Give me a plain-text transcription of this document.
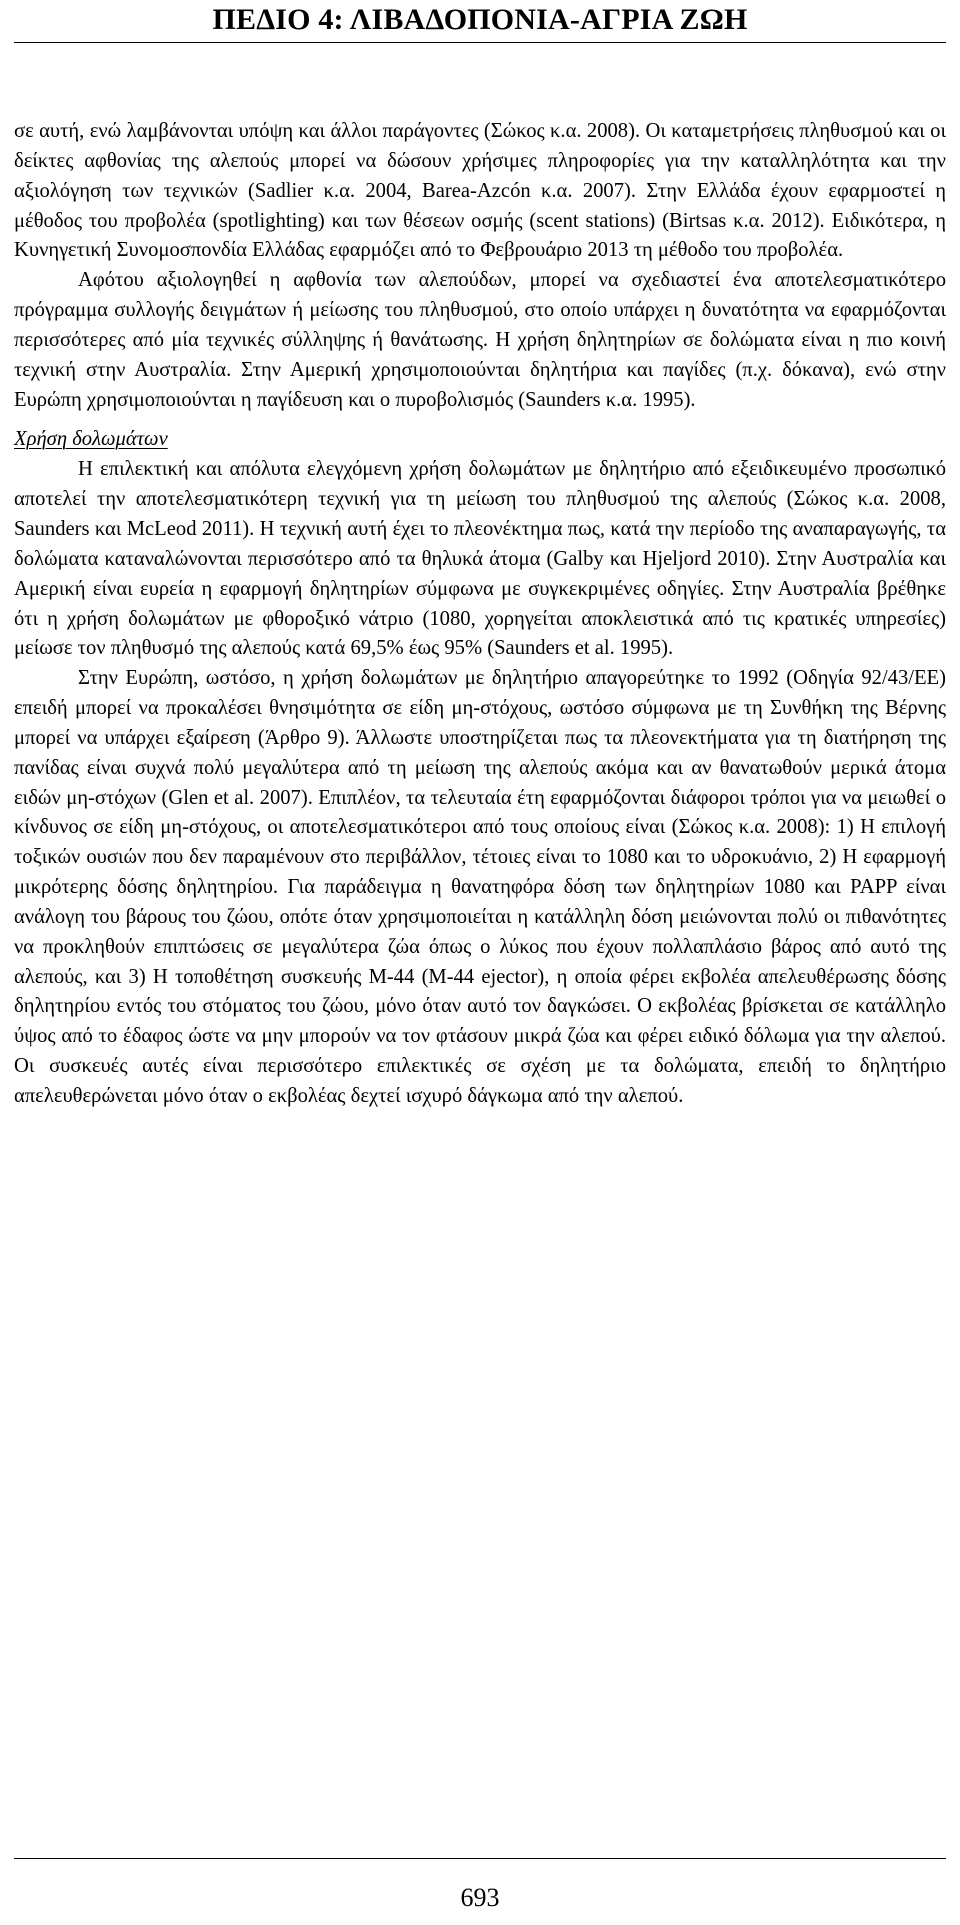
ΠΕΔΙΟ 4: ΛΙΒΑΔΟΠΟΝΙΑ-ΑΓΡΙΑ ΖΩΗ

σε αυτή, ενώ λαμβάνονται υπόψη και άλλοι παράγοντες (Σώκος κ.α. 2008). Οι καταμετρήσεις πληθυσμού και οι δείκτες αφθονίας της αλεπούς μπορεί να δώσουν χρήσιμες πληροφορίες για την καταλληλότητα και την αξιολόγηση των τεχνικών (Sadlier κ.α. 2004, Barea-Azcón κ.α. 2007). Στην Ελλάδα έχουν εφαρμοστεί η μέθοδος του προβολέα (spotlighting) και των θέσεων οσμής (scent stations) (Birtsas κ.α. 2012). Ειδικότερα, η Κυνηγετική Συνομοσπονδία Ελλάδας εφαρμόζει από το Φεβρουάριο 2013 τη μέθοδο του προβολέα.

Αφότου αξιολογηθεί η αφθονία των αλεπούδων, μπορεί να σχεδιαστεί ένα αποτελεσματικότερο πρόγραμμα συλλογής δειγμάτων ή μείωσης του πληθυσμού, στο οποίο υπάρχει η δυνατότητα να εφαρμόζονται περισσότερες από μία τεχνικές σύλληψης ή θανάτωσης. Η χρήση δηλητηρίων σε δολώματα είναι η πιο κοινή τεχνική στην Αυστραλία. Στην Αμερική χρησιμοποιούνται δηλητήρια και παγίδες (π.χ. δόκανα), ενώ στην Ευρώπη χρησιμοποιούνται η παγίδευση και ο πυροβολισμός (Saunders κ.α. 1995).

Χρήση δολωμάτων

Η επιλεκτική και απόλυτα ελεγχόμενη χρήση δολωμάτων με δηλητήριο από εξειδικευμένο προσωπικό αποτελεί την αποτελεσματικότερη τεχνική για τη μείωση του πληθυσμού της αλεπούς (Σώκος κ.α. 2008, Saunders και McLeod 2011). Η τεχνική αυτή έχει το πλεονέκτημα πως, κατά την περίοδο της αναπαραγωγής, τα δολώματα καταναλώνονται περισσότερο από τα θηλυκά άτομα (Galby και Hjeljord 2010). Στην Αυστραλία και Αμερική είναι ευρεία η εφαρμογή δηλητηρίων σύμφωνα με συγκεκριμένες οδηγίες. Στην Αυστραλία βρέθηκε ότι η χρήση δολωμάτων με φθοροξικό νάτριο (1080, χορηγείται αποκλειστικά από τις κρατικές υπηρεσίες) μείωσε τον πληθυσμό της αλεπούς κατά 69,5% έως 95% (Saunders et al. 1995).

Στην Ευρώπη, ωστόσο, η χρήση δολωμάτων με δηλητήριο απαγορεύτηκε το 1992 (Οδηγία 92/43/ΕΕ) επειδή μπορεί να προκαλέσει θνησιμότητα σε είδη μη-στόχους, ωστόσο σύμφωνα με τη Συνθήκη της Βέρνης μπορεί να υπάρχει εξαίρεση (Άρθρο 9). Άλλωστε υποστηρίζεται πως τα πλεονεκτήματα για τη διατήρηση της πανίδας είναι συχνά πολύ μεγαλύτερα από τη μείωση της αλεπούς ακόμα και αν θανατωθούν μερικά άτομα ειδών μη-στόχων (Glen et al. 2007). Επιπλέον, τα τελευταία έτη εφαρμόζονται διάφοροι τρόποι για να μειωθεί ο κίνδυνος σε είδη μη-στόχους, οι αποτελεσματικότεροι από τους οποίους είναι (Σώκος κ.α. 2008): 1) Η επιλογή τοξικών ουσιών που δεν παραμένουν στο περιβάλλον, τέτοιες είναι το 1080 και το υδροκυάνιο, 2) Η εφαρμογή μικρότερης δόσης δηλητηρίου. Για παράδειγμα η θανατηφόρα δόση των δηλητηρίων 1080 και PAPP είναι ανάλογη του βάρους του ζώου, οπότε όταν χρησιμοποιείται η κατάλληλη δόση μειώνονται πολύ οι πιθανότητες να προκληθούν επιπτώσεις σε μεγαλύτερα ζώα όπως ο λύκος που έχουν πολλαπλάσιο βάρος από αυτό της αλεπούς, και 3) Η τοποθέτηση συσκευής M-44 (M-44 ejector), η οποία φέρει εκβολέα απελευθέρωσης δόσης δηλητηρίου εντός του στόματος του ζώου, μόνο όταν αυτό τον δαγκώσει. Ο εκβολέας βρίσκεται σε κατάλληλο ύψος από το έδαφος ώστε να μην μπορούν να τον φτάσουν μικρά ζώα και φέρει ειδικό δόλωμα για την αλεπού. Οι συσκευές αυτές είναι περισσότερο επιλεκτικές σε σχέση με τα δολώματα, επειδή το δηλητήριο απελευθερώνεται μόνο όταν ο εκβολέας δεχτεί ισχυρό δάγκωμα από την αλεπού.

693
